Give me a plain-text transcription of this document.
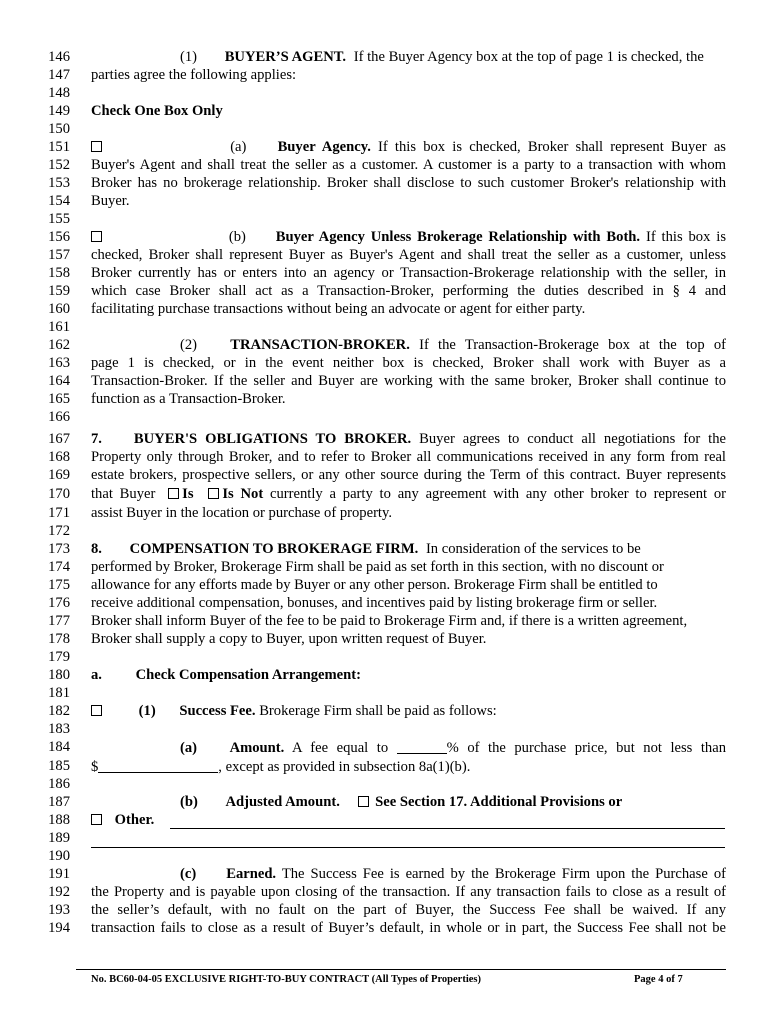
146
147
148
149
150
151
152
153
154
155
156
157
158
159
160
161
162
163
164
165
166
167
168
169
170
171
172
173
174
175
176
177
178
179
180
181
182
183
184
185
186
187
188
189
190
191
192
193
194
(1) BUYER’S AGENT. If the Buyer Agency box at the top of page 1 is checked, the
parties agree the following applies:
Check One Box Only
(a) Buyer Agency. If this box is checked, Broker shall represent Buyer as
Buyer's Agent and shall treat the seller as a customer. A customer is a party to a transaction with whom
Broker has no brokerage relationship. Broker shall disclose to such customer Broker's relationship with
Buyer.
(b) Buyer Agency Unless Brokerage Relationship with Both. If this box is
checked, Broker shall represent Buyer as Buyer's Agent and shall treat the seller as a customer, unless
Broker currently has or enters into an agency or Transaction-Brokerage relationship with the seller, in
which case Broker shall act as a Transaction-Broker, performing the duties described in § 4 and
facilitating purchase transactions without being an advocate or agent for either party.
(2) TRANSACTION-BROKER. If the Transaction-Brokerage box at the top of
page 1 is checked, or in the event neither box is checked, Broker shall work with Buyer as a
Transaction-Broker. If the seller and Buyer are working with the same broker, Broker shall continue to
function as a Transaction-Broker.
7. BUYER'S OBLIGATIONS TO BROKER. Buyer agrees to conduct all negotiations for the
Property only through Broker, and to refer to Broker all communications received in any form from real
estate brokers, prospective sellers, or any other source during the Term of this contract. Buyer represents
that Buyer Is Is Not currently a party to any agreement with any other broker to represent or
assist Buyer in the location or purchase of property.
8. COMPENSATION TO BROKERAGE FIRM. In consideration of the services to be
performed by Broker, Brokerage Firm shall be paid as set forth in this section, with no discount or
allowance for any efforts made by Buyer or any other person. Brokerage Firm shall be entitled to
receive additional compensation, bonuses, and incentives paid by listing brokerage firm or seller.
Broker shall inform Buyer of the fee to be paid to Brokerage Firm and, if there is a written agreement,
Broker shall supply a copy to Buyer, upon written request of Buyer.
a. Check Compensation Arrangement:
(1) Success Fee. Brokerage Firm shall be paid as follows:
(a) Amount. A fee equal to	% of the purchase price, but not less than
$	, except as provided in subsection 8a(1)(b).
(b) Adjusted Amount. See Section 17. Additional Provisions or
Other.
(c) Earned. The Success Fee is earned by the Brokerage Firm upon the Purchase of
the Property and is payable upon closing of the transaction. If any transaction fails to close as a result of
the seller’s default, with no fault on the part of Buyer, the Success Fee shall be waived. If any
transaction fails to close as a result of Buyer’s default, in whole or in part, the Success Fee shall not be
No. BC60-04-05 EXCLUSIVE RIGHT-TO-BUY CONTRACT (All Types of Properties)	Page 4 of 7
